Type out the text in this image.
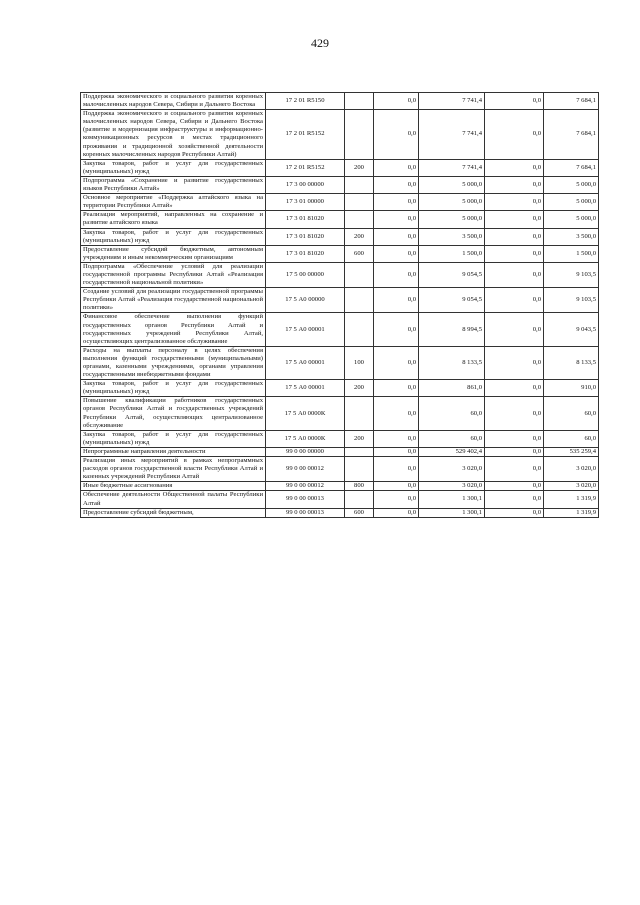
429
Поддержка экономического и социального развития коренных малочисленных народов Севера, Сибири и Дальнего Востока	17 2 01 R5150		0,0	7 741,4	0,0	7 684,1
Поддержка экономического и социального развития коренных малочисленных народов Севера, Сибири и Дальнего Востока (развитие и модернизация инфраструктуры и информационно-коммуникационных ресурсов в местах традиционного проживания и традиционной хозяйственной деятельности коренных малочисленных народов Республики Алтай)	17 2 01 R5152		0,0	7 741,4	0,0	7 684,1
Закупка товаров, работ и услуг для государственных (муниципальных) нужд	17 2 01 R5152	200	0,0	7 741,4	0,0	7 684,1
Подпрограмма «Сохранение и развитие государственных языков Республики Алтай»	17 3 00 00000		0,0	5 000,0	0,0	5 000,0
Основное мероприятие «Поддержка алтайского языка на территории Республики Алтай»	17 3 01 00000		0,0	5 000,0	0,0	5 000,0
Реализация мероприятий, направленных на сохранение и развитие алтайского языка	17 3 01 81020		0,0	5 000,0	0,0	5 000,0
Закупка товаров, работ и услуг для государственных (муниципальных) нужд	17 3 01 81020	200	0,0	3 500,0	0,0	3 500,0
Предоставление субсидий бюджетным, автономным учреждениям и иным некоммерческим организациям	17 3 01 81020	600	0,0	1 500,0	0,0	1 500,0
Подпрограмма «Обеспечение условий для реализации государственной программы Республики Алтай «Реализация государственной национальной политики»	17 5 00 00000		0,0	9 054,5	0,0	9 103,5
Создание условий для реализации государственной программы Республики Алтай «Реализация государственной национальной политики»	17 5 А0 00000		0,0	9 054,5	0,0	9 103,5
Финансовое обеспечение выполнения функций государственных органов Республики Алтай и государственных учреждений Республики Алтай, осуществляющих централизованное обслуживание	17 5 А0 00001		0,0	8 994,5	0,0	9 043,5
Расходы на выплаты персоналу в целях обеспечения выполнения функций государственными (муниципальными) органами, казенными учреждениями, органами управления государственными внебюджетными фондами	17 5 А0 00001	100	0,0	8 133,5	0,0	8 133,5
Закупка товаров, работ и услуг для государственных (муниципальных) нужд	17 5 А0 00001	200	0,0	861,0	0,0	910,0
Повышение квалификации работников государственных органов Республики Алтай и государственных учреждений Республики Алтай, осуществляющих централизованное обслуживание	17 5 А0 0000К		0,0	60,0	0,0	60,0
Закупка товаров, работ и услуг для государственных (муниципальных) нужд	17 5 А0 0000К	200	0,0	60,0	0,0	60,0
Непрограммные направления деятельности	99 0 00 00000		0,0	529 402,4	0,0	535 259,4
Реализация иных мероприятий в рамках непрограммных расходов органов государственной власти Республики Алтай и казенных учреждений Республики Алтай	99 0 00 00012		0,0	3 020,0	0,0	3 020,0
Иные бюджетные ассигнования	99 0 00 00012	800	0,0	3 020,0	0,0	3 020,0
Обеспечение деятельности Общественной палаты Республики Алтай	99 0 00 00013		0,0	1 300,1	0,0	1 319,9
Предоставление субсидий бюджетным,	99 0 00 00013	600	0,0	1 300,1	0,0	1 319,9
